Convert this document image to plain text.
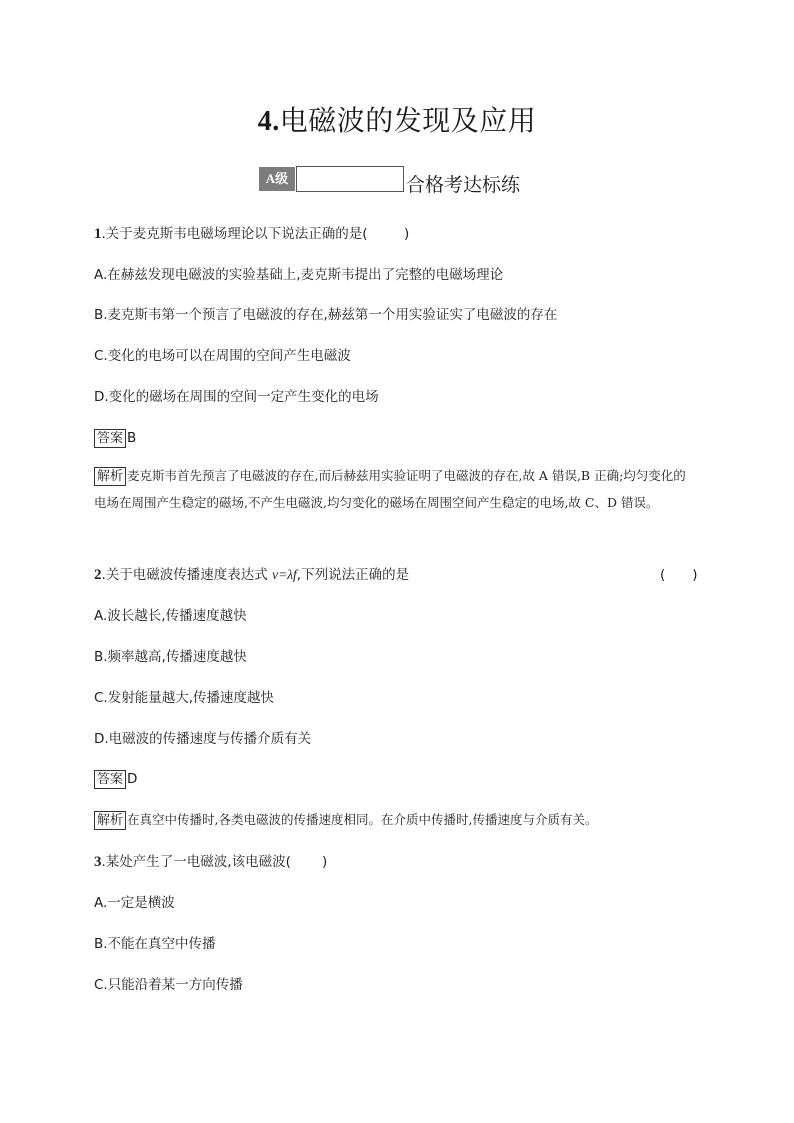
4.电磁波的发现及应用
A级	合格考达标练
1.关于麦克斯韦电磁场理论以下说法正确的是(	)
A.在赫兹发现电磁波的实验基础上,麦克斯韦提出了完整的电磁场理论
B.麦克斯韦第一个预言了电磁波的存在,赫兹第一个用实验证实了电磁波的存在
C.变化的电场可以在周围的空间产生电磁波
D.变化的磁场在周围的空间一定产生变化的电场
答案 B
解析 麦克斯韦首先预言了电磁波的存在,而后赫兹用实验证明了电磁波的存在,故 A 错误,B 正确;均匀变化的电场在周围产生稳定的磁场,不产生电磁波,均匀变化的磁场在周围空间产生稳定的电场,故 C、D 错误。
2.关于电磁波传播速度表达式 v=λf,下列说法正确的是	(　　)
A.波长越长,传播速度越快
B.频率越高,传播速度越快
C.发射能量越大,传播速度越快
D.电磁波的传播速度与传播介质有关
答案 D
解析 在真空中传播时,各类电磁波的传播速度相同。在介质中传播时,传播速度与介质有关。
3.某处产生了一电磁波,该电磁波( )
A.一定是横波
B.不能在真空中传播
C.只能沿着某一方向传播
